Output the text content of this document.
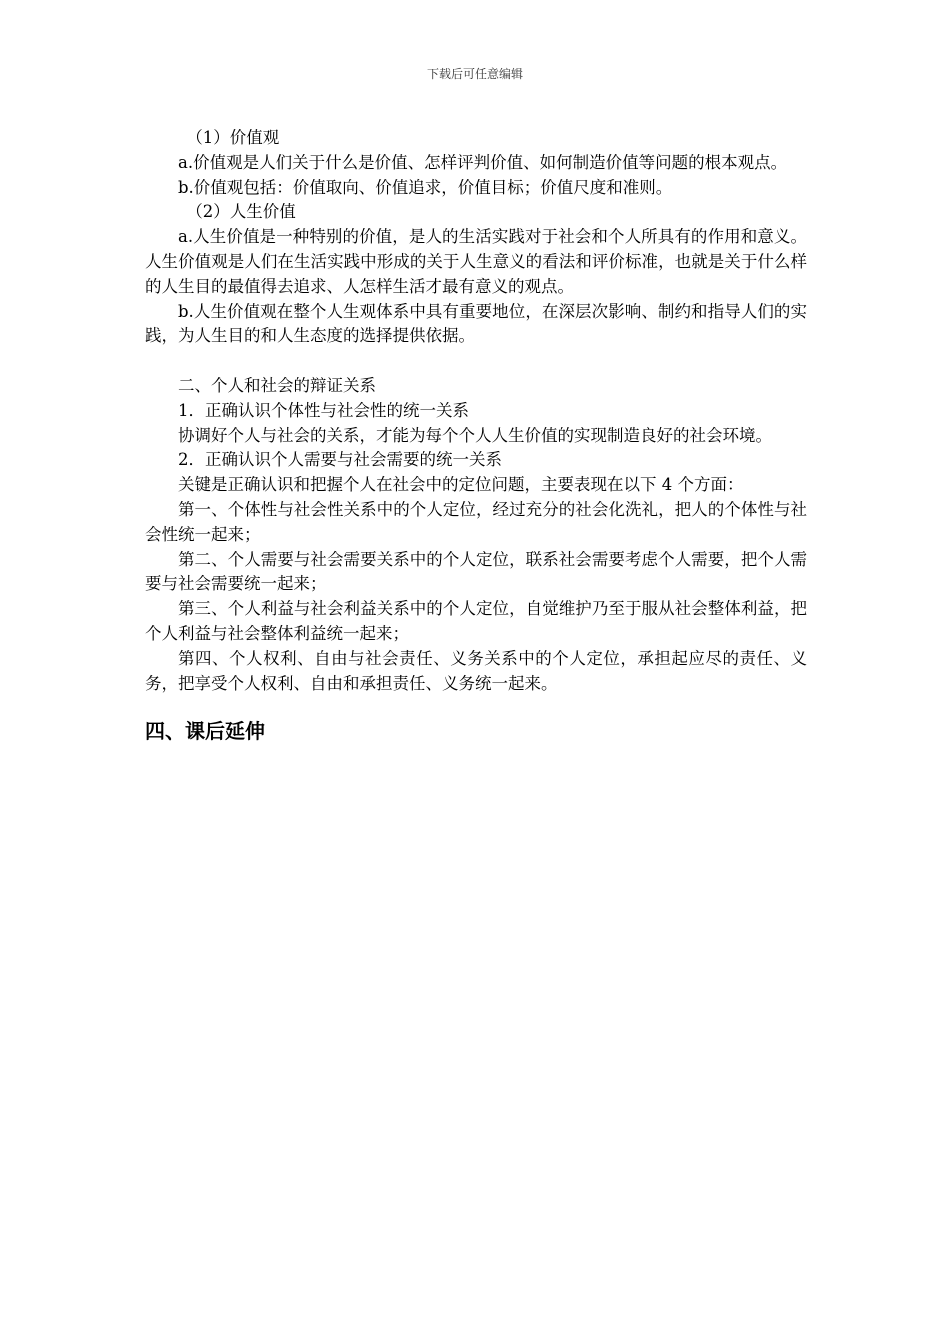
下载后可任意编辑

（1）价值观

a.价值观是人们关于什么是价值、怎样评判价值、如何制造价值等问题的根本观点。

b.价值观包括：价值取向、价值追求，价值目标；价值尺度和准则。

（2）人生价值

a.人生价值是一种特别的价值，是人的生活实践对于社会和个人所具有的作用和意义。人生价值观是人们在生活实践中形成的关于人生意义的看法和评价标准，也就是关于什么样的人生目的最值得去追求、人怎样生活才最有意义的观点。

b.人生价值观在整个人生观体系中具有重要地位，在深层次影响、制约和指导人们的实践，为人生目的和人生态度的选择提供依据。

二、个人和社会的辩证关系

1．正确认识个体性与社会性的统一关系

协调好个人与社会的关系，才能为每个个人人生价值的实现制造良好的社会环境。

2．正确认识个人需要与社会需要的统一关系

关键是正确认识和把握个人在社会中的定位问题，主要表现在以下 4 个方面：

第一、个体性与社会性关系中的个人定位，经过充分的社会化洗礼，把人的个体性与社会性统一起来；

第二、个人需要与社会需要关系中的个人定位，联系社会需要考虑个人需要，把个人需要与社会需要统一起来；

第三、个人利益与社会利益关系中的个人定位，自觉维护乃至于服从社会整体利益，把个人利益与社会整体利益统一起来；

第四、个人权利、自由与社会责任、义务关系中的个人定位，承担起应尽的责任、义务，把享受个人权利、自由和承担责任、义务统一起来。

四、课后延伸
